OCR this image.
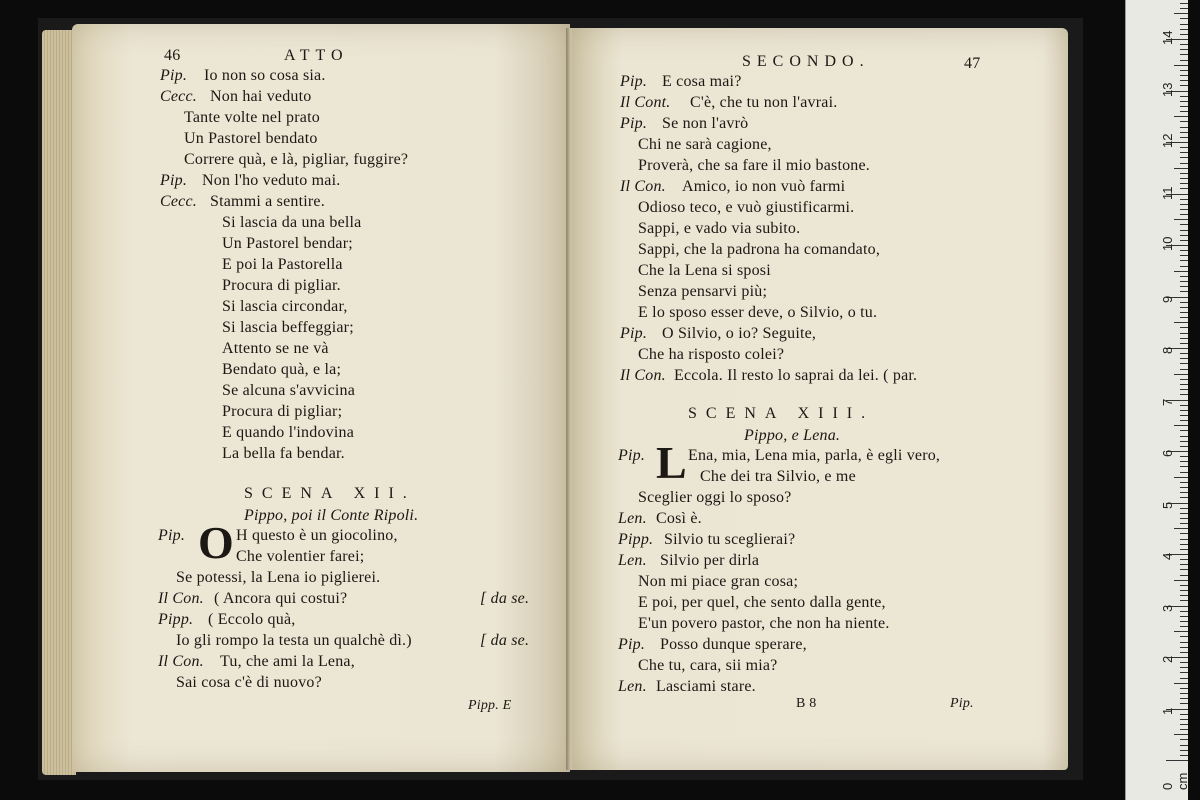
46	ATTO
Pip. Io non so cosa sia.
Cecc. Non hai veduto
Tante volte nel prato
Un Pastorel bendato
Correre quà, e là, pigliar, fuggire?
Pip. Non l'ho veduto mai.
Cecc. Stammi a sentire.
Si lascia da una bella
Un Pastorel bendar;
E poi la Pastorella
Procura di pigliar.
Si lascia circondar,
Si lascia beffeggiar;
Attento se ne và
Bendato quà, e la;
Se alcuna s'avvicina
Procura di pigliar;
E quando l'indovina
La bella fa bendar.
SCENA XII.
Pippo, poi il Conte Ripoli.
Pip. O H questo è un giocolino,
Che volentier farei;
Se potessi, la Lena io piglierei.
Il Con. ( Ancora qui costui?	[ da se.
Pipp. ( Eccolo quà,
Io gli rompo la testa un qualchè dì.)	[ da se.
Il Con. Tu, che ami la Lena,
Sai cosa c'è di nuovo?
Pipp. E
SECONDO.	47
Pip. E cosa mai?
Il Cont. C'è, che tu non l'avrai.
Pip. Se non l'avrò
Chi ne sarà cagione,
Proverà, che sa fare il mio bastone.
Il Con. Amico, io non vuò farmi
Odioso teco, e vuò giustificarmi.
Sappi, e vado via subito.
Sappi, che la padrona ha comandato,
Che la Lena si sposi
Senza pensarvi più;
E lo sposo esser deve, o Silvio, o tu.
Pip. O Silvio, o io? Seguite,
Che ha risposto colei?
Il Con. Eccola. Il resto lo saprai da lei. ( par.
SCENA XIII.
Pippo, e Lena.
Pip. L Ena, mia, Lena mia, parla, è egli vero,
Che dei tra Silvio, e me
Sceglier oggi lo sposo?
Len. Così è.
Pipp. Silvio tu sceglierai?
Len. Silvio per dirla
Non mi piace gran cosa;
E poi, per quel, che sento dalla gente,
E'un povero pastor, che non ha niente.
Pip. Posso dunque sperare,
Che tu, cara, sii mia?
Len. Lasciami stare.
B 8	Pip.
0 cm
1
2
3
4
5
6
7
8
9
10
11
12
13
14
